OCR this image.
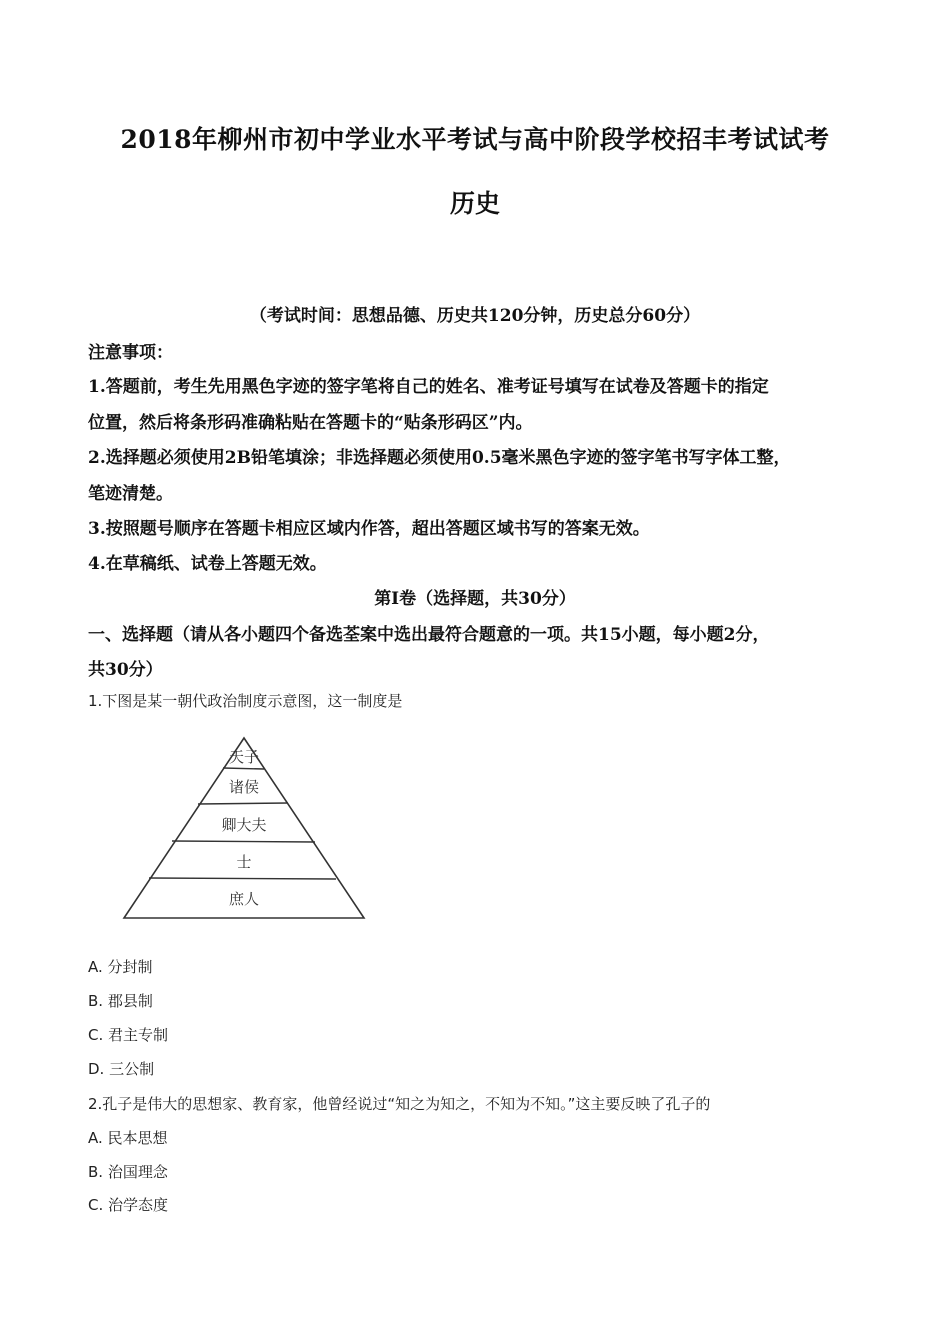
2018年柳州市初中学业水平考试与高中阶段学校招丰考试试考
历史
（考试时间：思想品德、历史共120分钟，历史总分60分）
注意事项：
1.答题前，考生先用黑色字迹的签字笔将自己的姓名、准考证号填写在试卷及答题卡的指定
位置，然后将条形码准确粘贴在答题卡的“贴条形码区”内。
2.选择题必须使用2B铅笔填涂；非选择题必须使用0.5毫米黑色字迹的签字笔书写字体工整，
笔迹清楚。
3.按照题号顺序在答题卡相应区域内作答，超出答题区域书写的答案无效。
4.在草稿纸、试卷上答题无效。
第Ⅰ卷（选择题，共30分）
一、选择题（请从各小题四个备选荃案中选出最符合题意的一项。共15小题，每小题2分，
共30分）
1.下图是某一朝代政治制度示意图，这一制度是
天子
诸侯
卿大夫
士
庶人
A. 分封制
B. 郡县制
C. 君主专制
D. 三公制
2.孔子是伟大的思想家、教育家，他曾经说过“知之为知之，不知为不知。”这主要反映了孔子的
A. 民本思想
B. 治国理念
C. 治学态度
